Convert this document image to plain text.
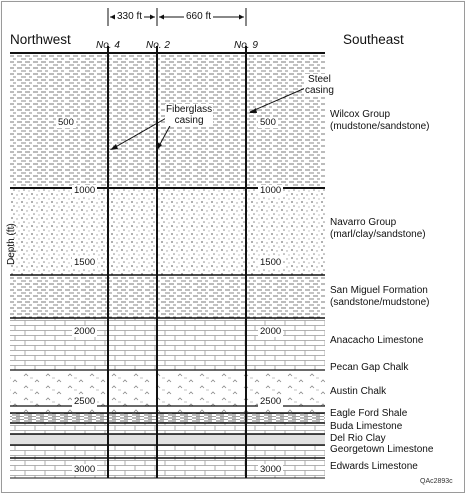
Northwest	Southeast
330 ft	660 ft
No. 4	No. 2	No. 9
Depth (ft)
500	500
1000	1000
1500	1500
2000	2000
2500	2500
3000	3000
Steel
casing
Fiberglass
casing
Wilcox Group
(mudstone/sandstone)
Navarro Group
(marl/clay/sandstone)
San Miguel Formation
(sandstone/mudstone)
Anacacho Limestone
Pecan Gap Chalk
Austin Chalk
Eagle Ford Shale
Buda Limestone
Del Rio Clay
Georgetown Limestone
Edwards Limestone
QAc2893c
